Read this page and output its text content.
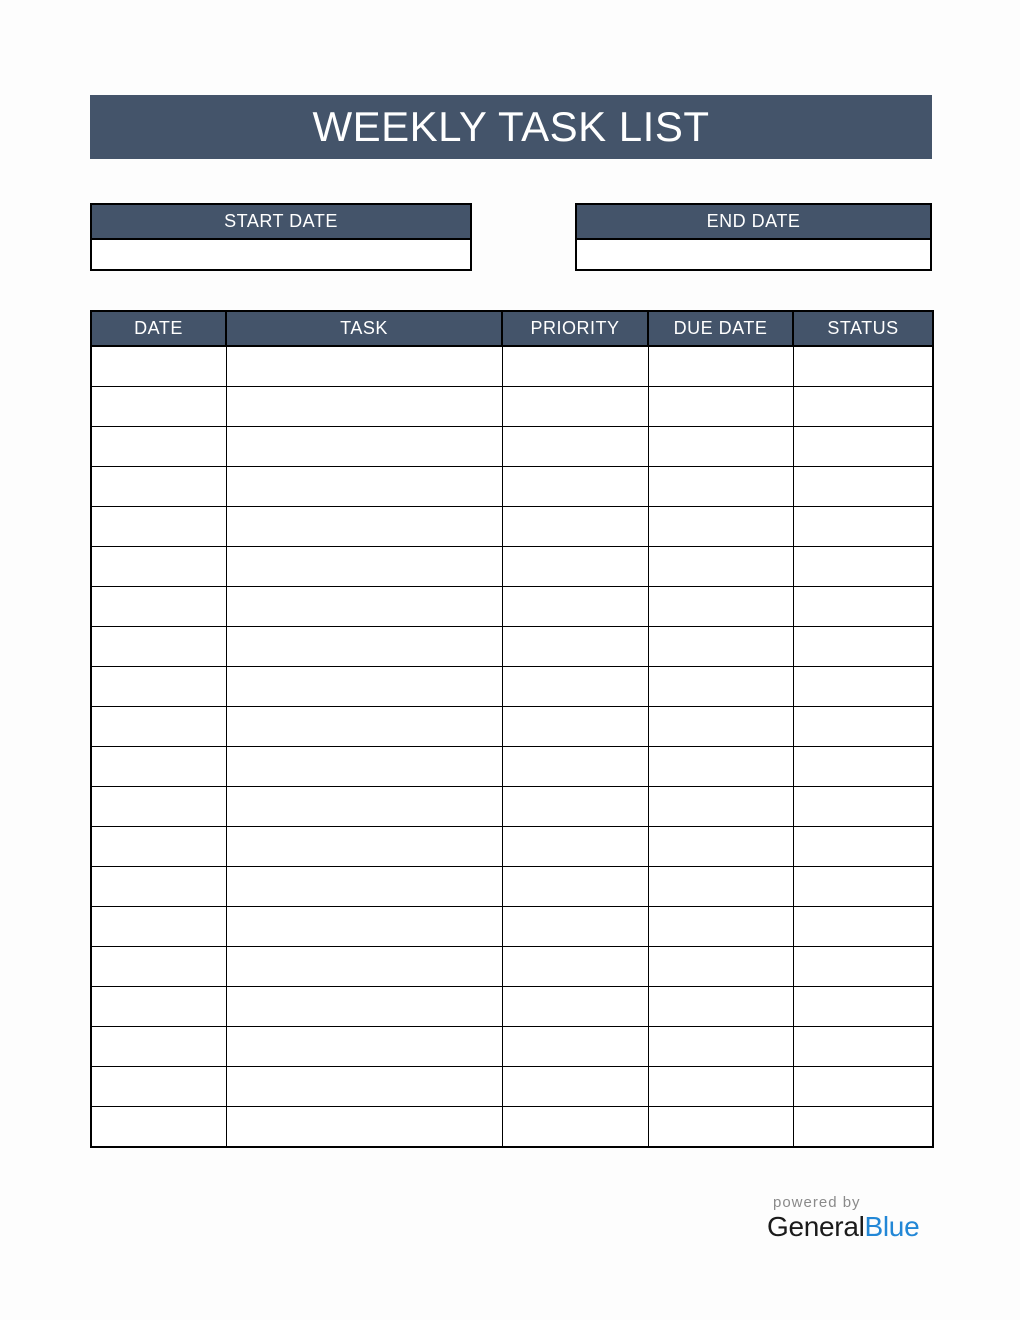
WEEKLY TASK LIST
START DATE	END DATE
DATE	TASK	PRIORITY	DUE DATE	STATUS

powered by

GeneralBlue
